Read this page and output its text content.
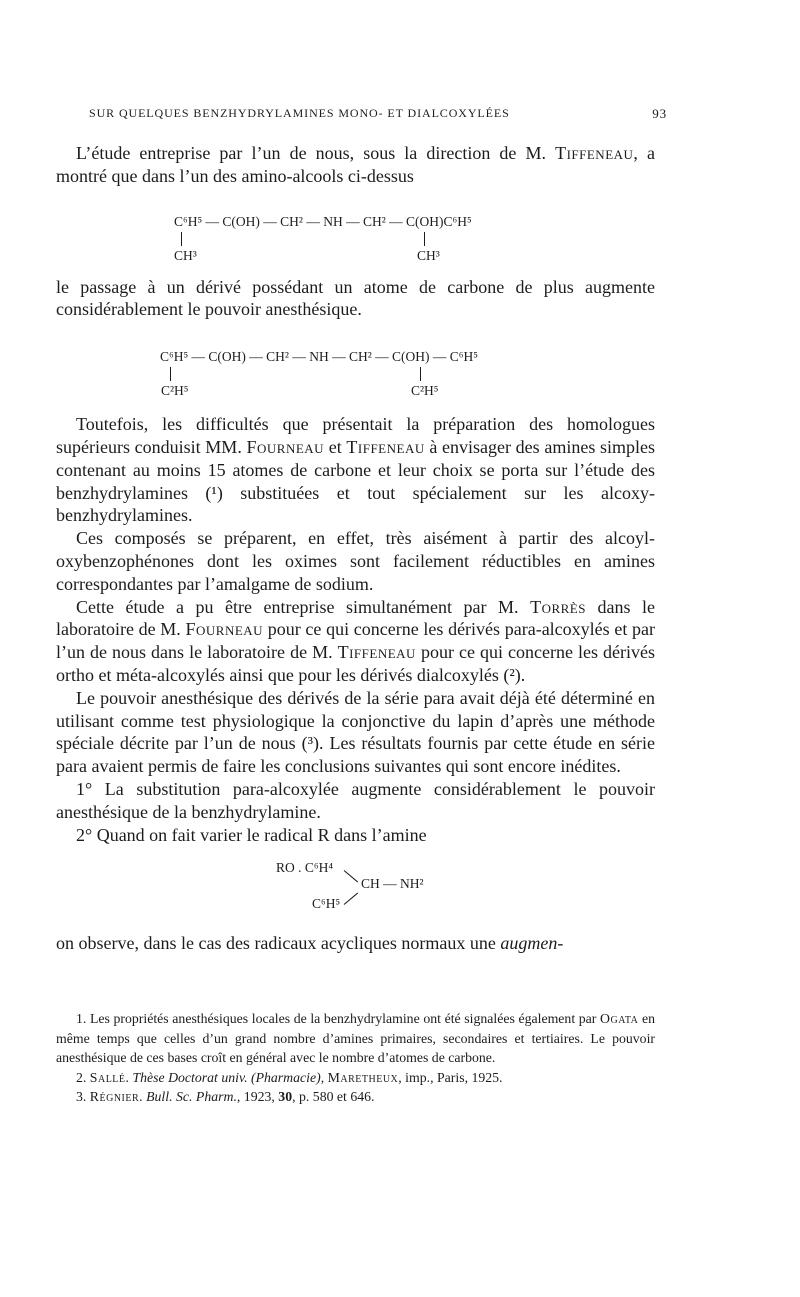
SUR QUELQUES BENZHYDRYLAMINES MONO- ET DIALCOXYLÉES	93

L’étude entreprise par l’un de nous, sous la direction de M. Tiffeneau, a montré que dans l’un des amino-alcools ci-dessus

C⁶H⁵ — C(OH) — CH² — NH — CH² — C(OH)C⁶H⁵
CH³	CH³

le passage à un dérivé possédant un atome de carbone de plus augmente considérablement le pouvoir anesthésique.

C⁶H⁵ — C(OH) — CH² — NH — CH² — C(OH) — C⁶H⁵
C²H⁵	C²H⁵

Toutefois, les difficultés que présentait la préparation des homologues supérieurs conduisit MM. Fourneau et Tiffeneau à envisager des amines simples contenant au moins 15 atomes de carbone et leur choix se porta sur l’étude des benzhydrylamines (¹) substituées et tout spécialement sur les alcoxy-benzhydrylamines.

Ces composés se préparent, en effet, très aisément à partir des alcoyl-oxybenzophénones dont les oximes sont facilement réductibles en amines correspondantes par l’amalgame de sodium.

Cette étude a pu être entreprise simultanément par M. Torrès dans le laboratoire de M. Fourneau pour ce qui concerne les dérivés para-alcoxylés et par l’un de nous dans le laboratoire de M. Tiffeneau pour ce qui concerne les dérivés ortho et méta-alcoxylés ainsi que pour les dérivés dialcoxylés (²).

Le pouvoir anesthésique des dérivés de la série para avait déjà été déterminé en utilisant comme test physiologique la conjonctive du lapin d’après une méthode spéciale décrite par l’un de nous (³). Les résultats fournis par cette étude en série para avaient permis de faire les conclusions suivantes qui sont encore inédites.

1° La substitution para-alcoxylée augmente considérablement le pouvoir anesthésique de la benzhydrylamine.

2° Quand on fait varier le radical R dans l’amine

RO . C⁶H⁴
CH — NH²
C⁶H⁵

on observe, dans le cas des radicaux acycliques normaux une augmen-

1. Les propriétés anesthésiques locales de la benzhydrylamine ont été signalées également par Ogata en même temps que celles d’un grand nombre d’amines primaires, secondaires et tertiaires. Le pouvoir anesthésique de ces bases croît en général avec le nombre d’atomes de carbone.

2. Sallé. Thèse Doctorat univ. (Pharmacie), Maretheux, imp., Paris, 1925.

3. Régnier. Bull. Sc. Pharm., 1923, 30, p. 580 et 646.
